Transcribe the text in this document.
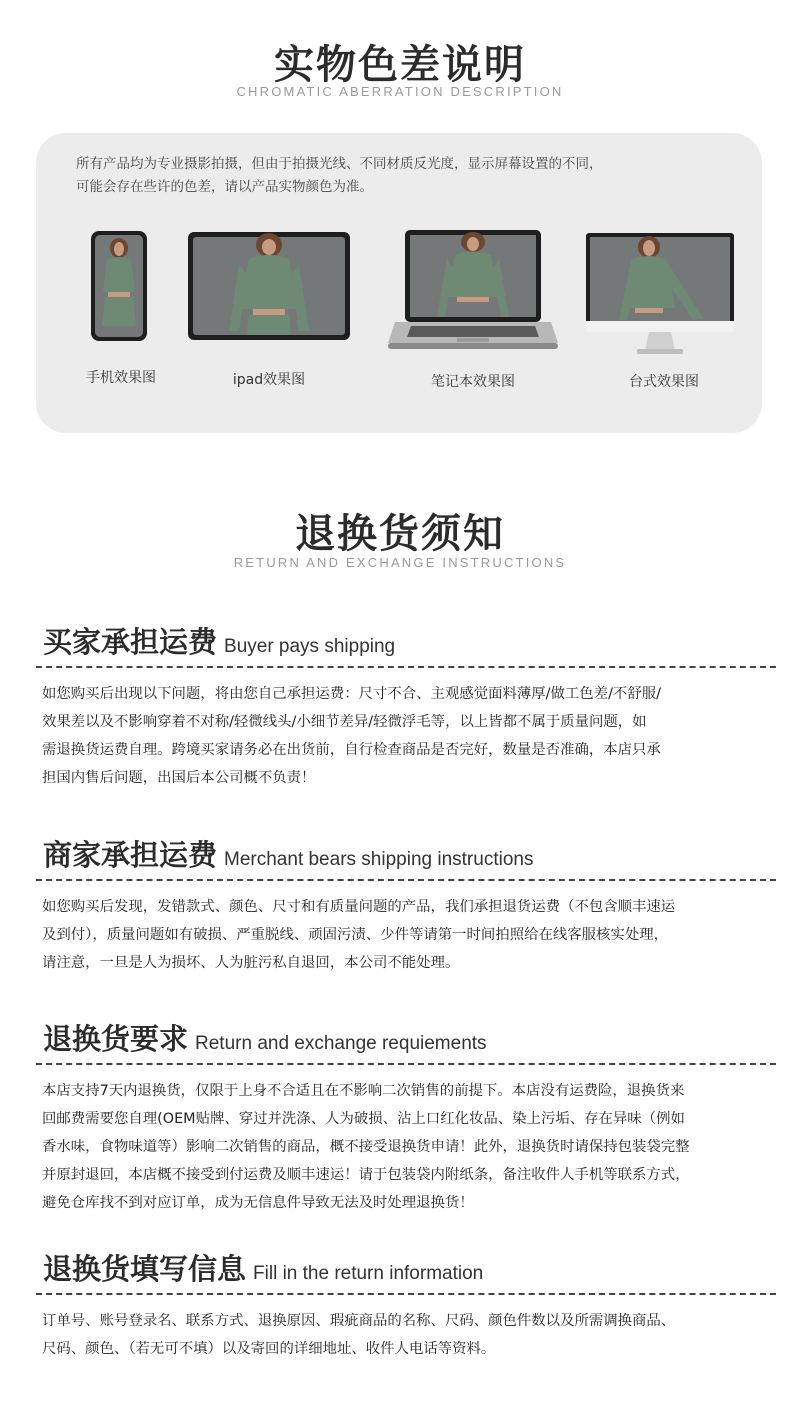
实物色差说明
CHROMATIC ABERRATION DESCRIPTION
所有产品均为专业摄影拍摄，但由于拍摄光线、不同材质反光度，显示屏幕设置的不同，
可能会存在些许的色差，请以产品实物颜色为准。
手机效果图	ipad效果图	笔记本效果图	台式效果图
退换货须知
RETURN AND EXCHANGE INSTRUCTIONS
买家承担运费 Buyer pays shipping
如您购买后出现以下问题，将由您自己承担运费：尺寸不合、主观感觉面料薄厚/做工色差/不舒服/
效果差以及不影响穿着不对称/轻微线头/小细节差异/轻微浮毛等，以上皆都不属于质量问题，如
需退换货运费自理。跨境买家请务必在出货前，自行检查商品是否完好，数量是否准确，本店只承
担国内售后问题，出国后本公司概不负责！
商家承担运费 Merchant bears shipping instructions
如您购买后发现，发错款式、颜色、尺寸和有质量问题的产品，我们承担退货运费（不包含顺丰速运
及到付），质量问题如有破损、严重脱线、顽固污渍、少件等请第一时间拍照给在线客服核实处理，
请注意，一旦是人为损坏、人为脏污私自退回，本公司不能处理。
退换货要求 Return and exchange requiements
本店支持7天内退换货，仅限于上身不合适且在不影响二次销售的前提下。本店没有运费险，退换货来
回邮费需要您自理(OEM贴牌、穿过并洗涤、人为破损、沾上口红化妆品、染上污垢、存在异味（例如
香水味，食物味道等）影响二次销售的商品，概不接受退换货申请！此外，退换货时请保持包装袋完整
并原封退回，本店概不接受到付运费及顺丰速运！请于包装袋内附纸条，备注收件人手机等联系方式，
避免仓库找不到对应订单，成为无信息件导致无法及时处理退换货！
退换货填写信息 Fill in the return information
订单号、账号登录名、联系方式、退换原因、瑕疵商品的名称、尺码、颜色件数以及所需调换商品、
尺码、颜色、（若无可不填）以及寄回的详细地址、收件人电话等资料。
